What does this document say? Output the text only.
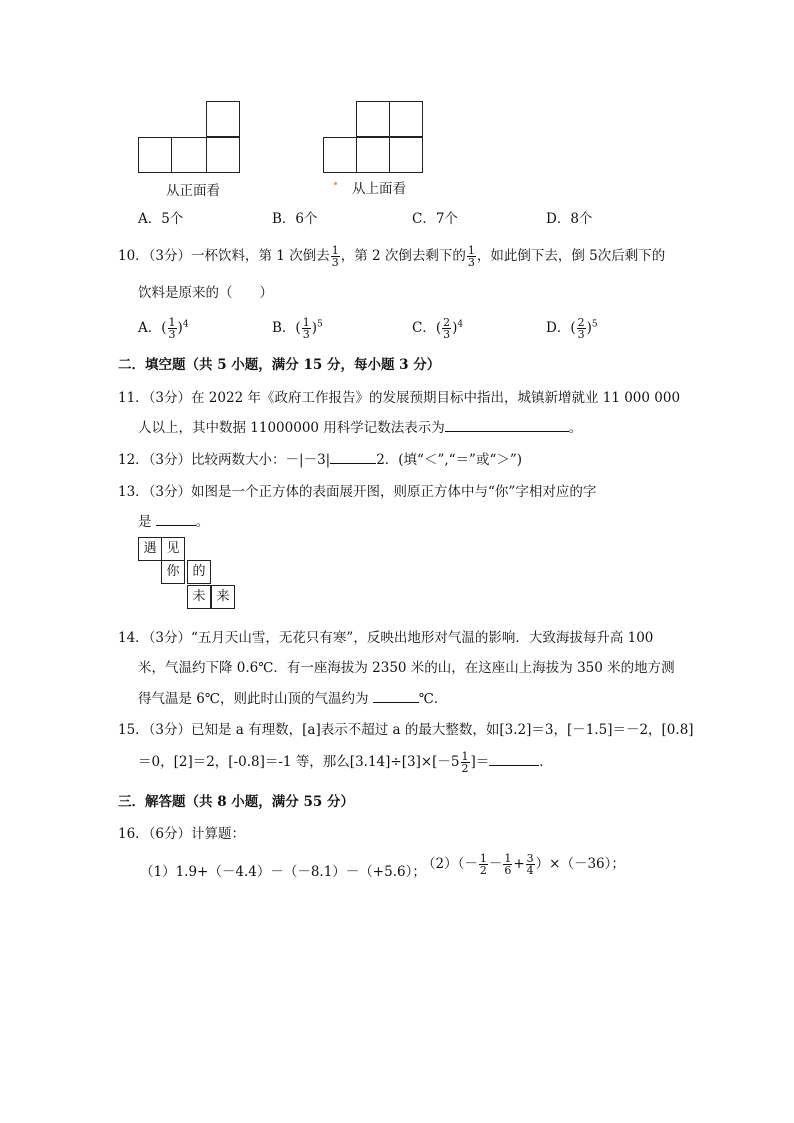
从正面看	从上面看
A．5个	B．6个	C．7个	D．8个
10．（3分）一杯饮料，第 1 次倒去 $\frac{1}{3}$ ，第 2 次倒去剩下的 $\frac{1}{3}$ ，如此倒下去，倒 5次后剩下的
饮料是原来的（　　）
A．( $\frac{1}{3} )^4$	B．( $\frac{1}{3} )^5$	C．( $\frac{2}{3} )^4$	D．( $\frac{2}{3} )^5$
二．填空题（共 5 小题，满分 15 分，每小题 3 分）
11．（3分）在 2022 年《政府工作报告》的发展预期目标中指出，城镇新增就业 11 000 000
人以上，其中数据 11000000 用科学记数法表示为	。
12．（3分）比较两数大小：－|－3|	2．(填“＜”,“＝”或“＞”)
13．（3分）如图是一个正方体的表面展开图，则原正方体中与“你”字相对应的字
是	。
遇 见
你 的
未 来
14．（3分）“五月天山雪，无花只有寒”，反映出地形对气温的影响．大致海拔每升高 100
米，气温约下降 0.6℃．有一座海拔为 2350 米的山，在这座山上海拔为 350 米的地方测
得气温是 6℃，则此时山顶的气温约为	℃．
15．（3分）已知是 a 有理数，[a]表示不超过 a 的最大整数，如[3.2]＝3，[－1.5]＝－2，[0.8]
＝0，[2]＝2，[-0.8]＝-1 等，那么$[3.14]\div[3]\times[-5 \frac{1}{2}$ ]＝	．
三．解答题（共 8 小题，满分 55 分）
16．（6分）计算题：
（1）1.9+（－4.4）－（－8.1）－（+5.6）；
$(2)(- \frac{1}{2} - \frac{1}{6} + \frac{3}{4} )\times(-36)$；
